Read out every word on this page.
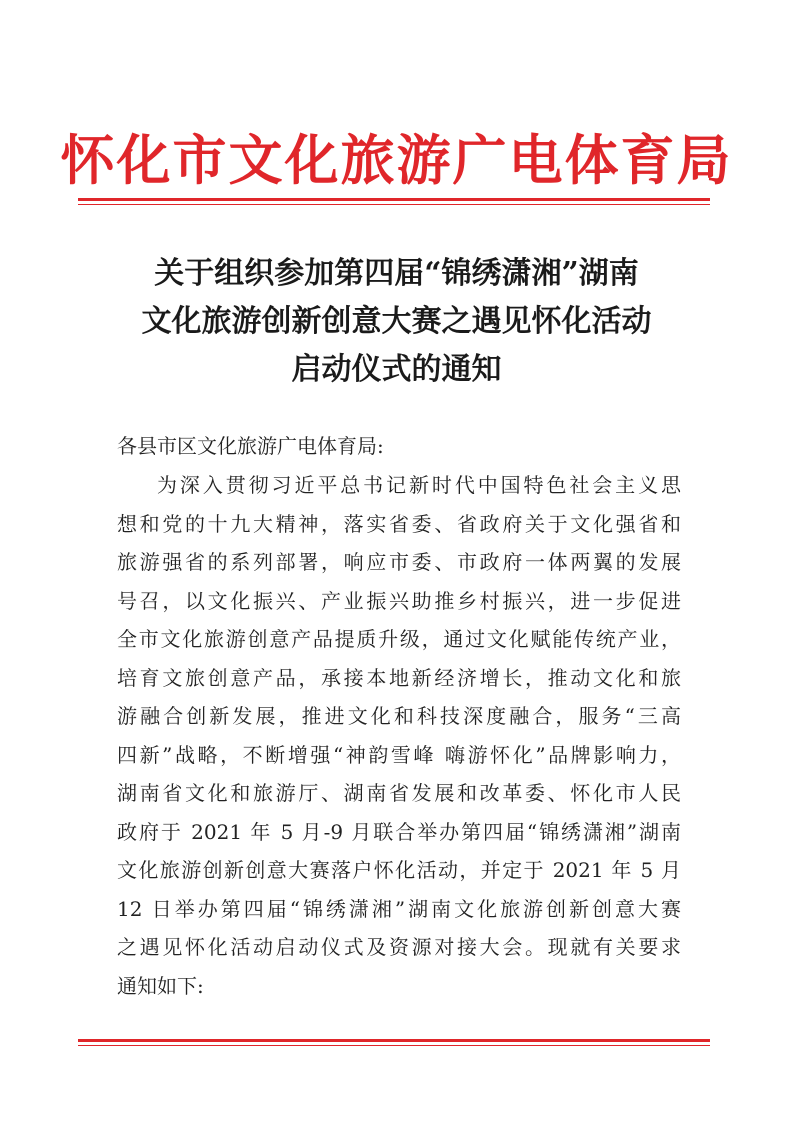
怀化市文化旅游广电体育局
关于组织参加第四届“锦绣潇湘”湖南
文化旅游创新创意大赛之遇见怀化活动
启动仪式的通知
各县市区文化旅游广电体育局:
为深入贯彻习近平总书记新时代中国特色社会主义思
想和党的十九大精神，落实省委、省政府关于文化强省和
旅游强省的系列部署，响应市委、市政府一体两翼的发展
号召，以文化振兴、产业振兴助推乡村振兴，进一步促进
全市文化旅游创意产品提质升级，通过文化赋能传统产业，
培育文旅创意产品，承接本地新经济增长，推动文化和旅
游融合创新发展，推进文化和科技深度融合，服务“三高
四新”战略，不断增强“神韵雪峰 嗨游怀化”品牌影响力，
湖南省文化和旅游厅、湖南省发展和改革委、怀化市人民
政府于 2021 年 5 月-9 月联合举办第四届“锦绣潇湘”湖南
文化旅游创新创意大赛落户怀化活动，并定于 2021 年 5 月
12 日举办第四届“锦绣潇湘”湖南文化旅游创新创意大赛
之遇见怀化活动启动仪式及资源对接大会。现就有关要求
通知如下:
